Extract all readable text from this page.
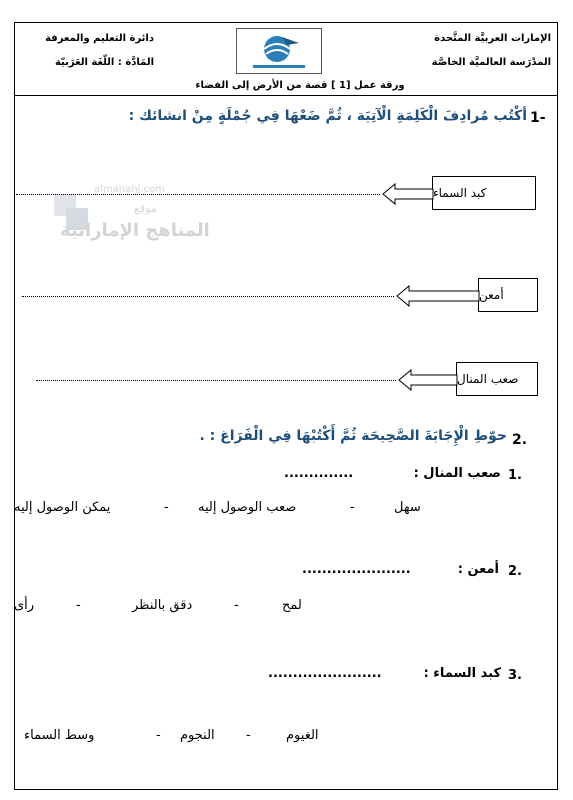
الإمارات العربيَّة المتَّحدة
المدْرَسة العالميَّة الخاصَّة
دائرة التعليم والمعرفة
المَادَّة : اللّغَة العَرَبيّة
ورقة عمل [1 ] قصة من الأرض إلى الفضاء
almanahj.com
موقع
المناهج الإماراتية
1-
أكْتُب مُرادِفَ الْكَلِمَةِ الْآتِيَة ، ثُمَّ ضَعْهَا فِي جُمْلَةٍ مِنْ انشائك :
كبد السماء
أمعن
صعب المنال
2.
حوّطِ الْإِجَابَةَ الصَّحِيحَة ثُمَّ أَكْتُبْهَا فِي الْفَرَاغ : .
1.
صعب المنال :
..............
سهل
-
صعب الوصول إليه
-
يمكن الوصول إليه
2.
أمعن :
......................
لمح
-
دقق بالنظر
-
رأى
3.
كبد السماء :
.......................
الغيوم
-
النجوم
-
وسط السماء
